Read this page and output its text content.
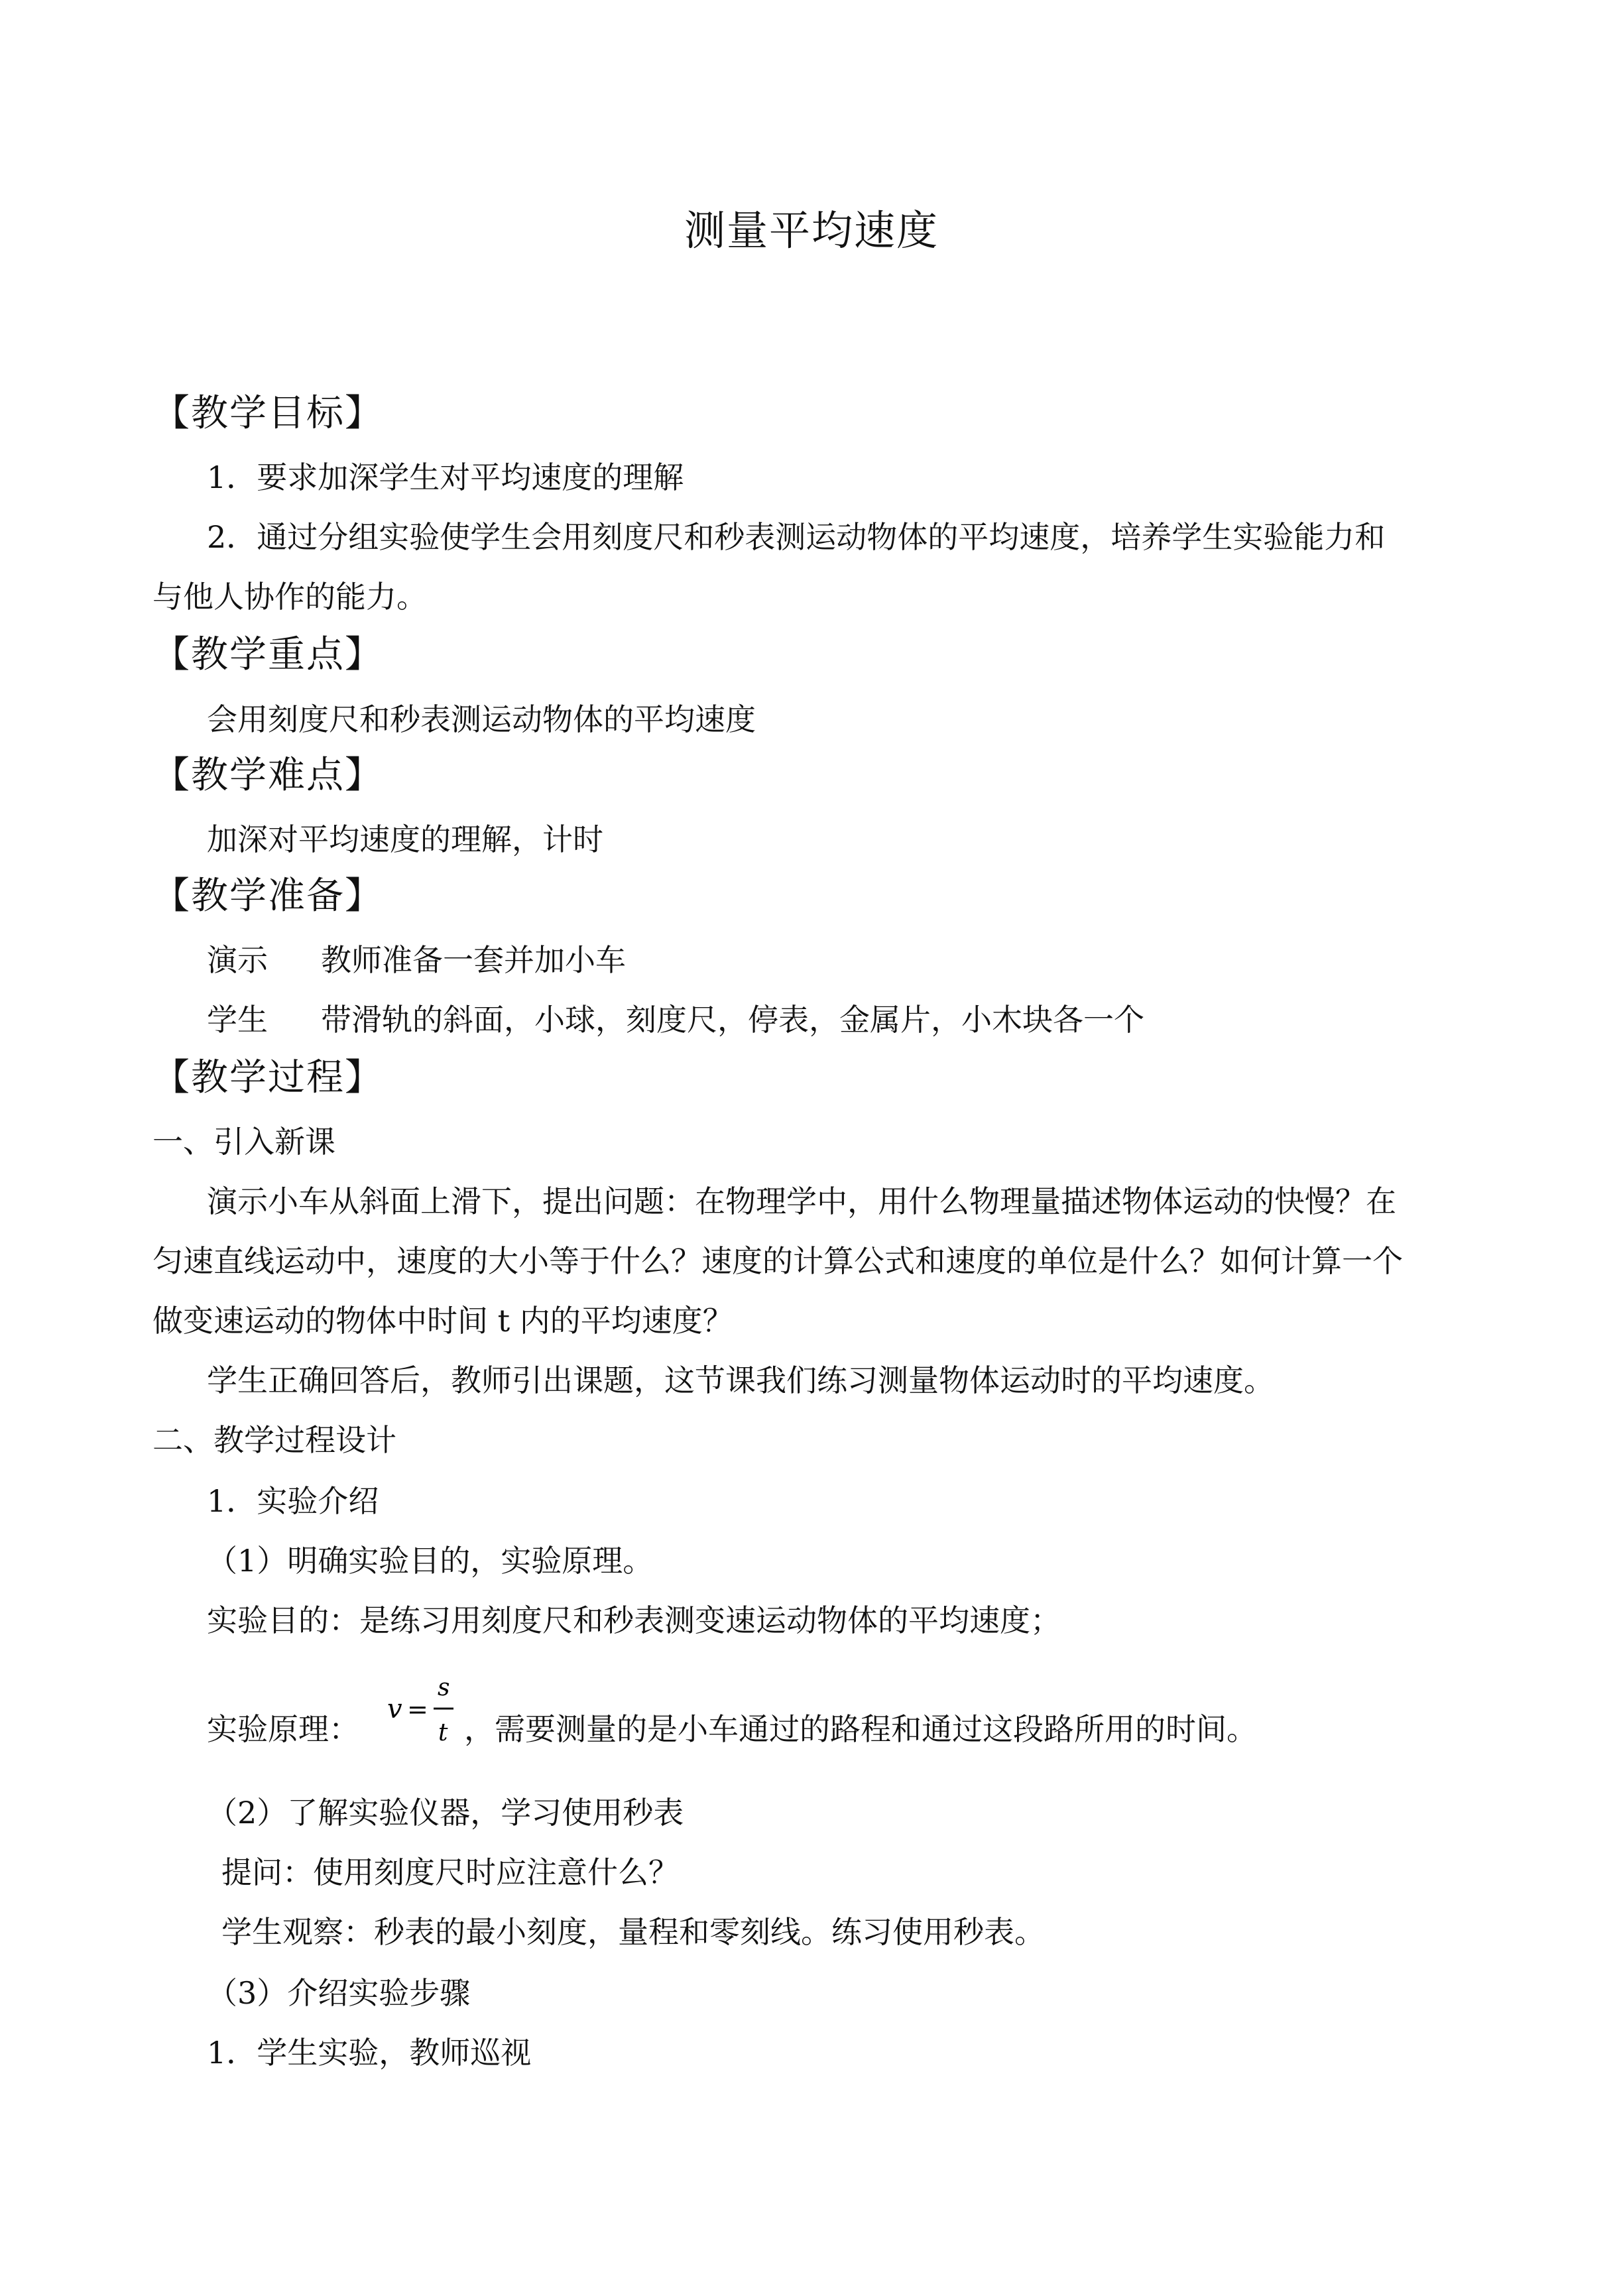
测量平均速度
【教学目标】
1．要求加深学生对平均速度的理解
2．通过分组实验使学生会用刻度尺和秒表测运动物体的平均速度，培养学生实验能力和
与他人协作的能力。
【教学重点】
会用刻度尺和秒表测运动物体的平均速度
【教学难点】
加深对平均速度的理解，计时
【教学准备】
演示 教师准备一套并加小车
学生 带滑轨的斜面，小球，刻度尺，停表，金属片，小木块各一个
【教学过程】
一、引入新课
演示小车从斜面上滑下，提出问题：在物理学中，用什么物理量描述物体运动的快慢？在
匀速直线运动中，速度的大小等于什么？速度的计算公式和速度的单位是什么？如何计算一个
做变速运动的物体中时间 t 内的平均速度？
学生正确回答后，教师引出课题，这节课我们练习测量物体运动时的平均速度。
二、教学过程设计
1．实验介绍
（1）明确实验目的，实验原理。
实验目的：是练习用刻度尺和秒表测变速运动物体的平均速度；
实验原理：
v =
s
t ，需要测量的是小车通过的路程和通过这段路所用的时间。
（2）了解实验仪器，学习使用秒表
提问：使用刻度尺时应注意什么？
学生观察：秒表的最小刻度，量程和零刻线。练习使用秒表。
（3）介绍实验步骤
1．学生实验，教师巡视
